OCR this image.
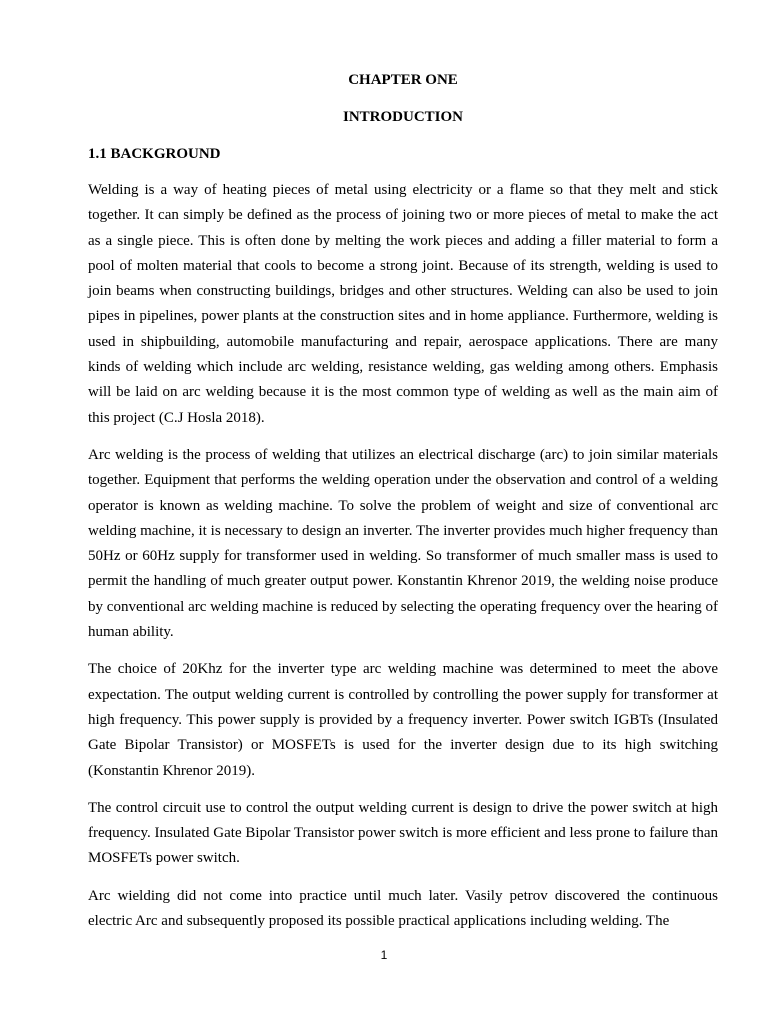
CHAPTER ONE
INTRODUCTION
1.1 BACKGROUND

Welding is a way of heating pieces of metal using electricity or a flame so that they melt and stick together. It can simply be defined as the process of joining two or more pieces of metal to make the act as a single piece. This is often done by melting the work pieces and adding a filler material to form a pool of molten material that cools to become a strong joint. Because of its strength, welding is used to join beams when constructing buildings, bridges and other structures. Welding can also be used to join pipes in pipelines, power plants at the construction sites and in home appliance. Furthermore, welding is used in shipbuilding, automobile manufacturing and repair, aerospace applications. There are many kinds of welding which include arc welding, resistance welding, gas welding among others. Emphasis will be laid on arc welding because it is the most common type of welding as well as the main aim of this project (C.J Hosla 2018).

Arc welding is the process of welding that utilizes an electrical discharge (arc) to join similar materials together. Equipment that performs the welding operation under the observation and control of a welding operator is known as welding machine. To solve the problem of weight and size of conventional arc welding machine, it is necessary to design an inverter. The inverter provides much higher frequency than 50Hz or 60Hz supply for transformer used in welding. So transformer of much smaller mass is used to permit the handling of much greater output power. Konstantin Khrenor 2019, the welding noise produce by conventional arc welding machine is reduced by selecting the operating frequency over the hearing of human ability.

The choice of 20Khz for the inverter type arc welding machine was determined to meet the above expectation. The output welding current is controlled by controlling the power supply for transformer at high frequency. This power supply is provided by a frequency inverter. Power switch IGBTs (Insulated Gate Bipolar Transistor) or MOSFETs is used for the inverter design due to its high switching (Konstantin Khrenor 2019).

The control circuit use to control the output welding current is design to drive the power switch at high frequency. Insulated Gate Bipolar Transistor power switch is more efficient and less prone to failure than MOSFETs power switch.

Arc wielding did not come into practice until much later. Vasily petrov discovered the continuous electric Arc and subsequently proposed its possible practical applications including welding. The

1
